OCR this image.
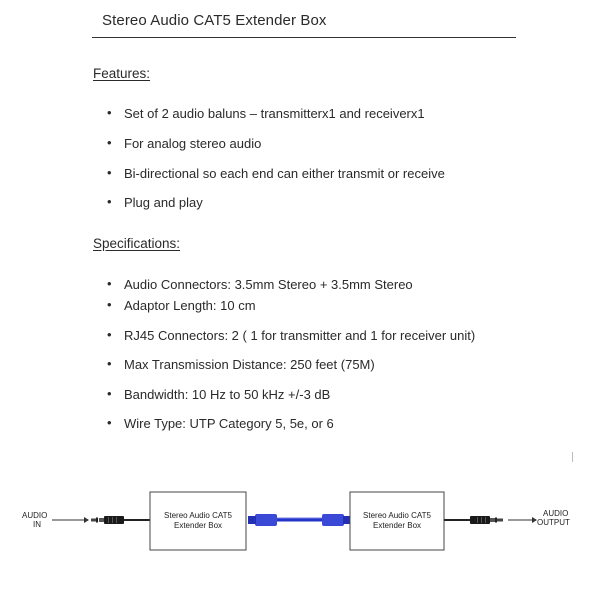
Stereo Audio CAT5 Extender Box
Features:
• Set of 2 audio baluns – transmitterx1 and receiverx1
• For analog stereo audio
• Bi-directional so each end can either transmit or receive
• Plug and play
Specifications:
• Audio Connectors: 3.5mm Stereo + 3.5mm Stereo
• Adaptor Length: 10 cm
• RJ45 Connectors: 2 ( 1 for transmitter and 1 for receiver unit)
• Max Transmission Distance: 250 feet (75M)
• Bandwidth: 10 Hz to 50 kHz +/-3 dB
• Wire Type: UTP Category 5, 5e, or 6
AUDIO
IN
Stereo Audio CAT5
Extender Box
Stereo Audio CAT5
Extender Box
AUDIO
OUTPUT
